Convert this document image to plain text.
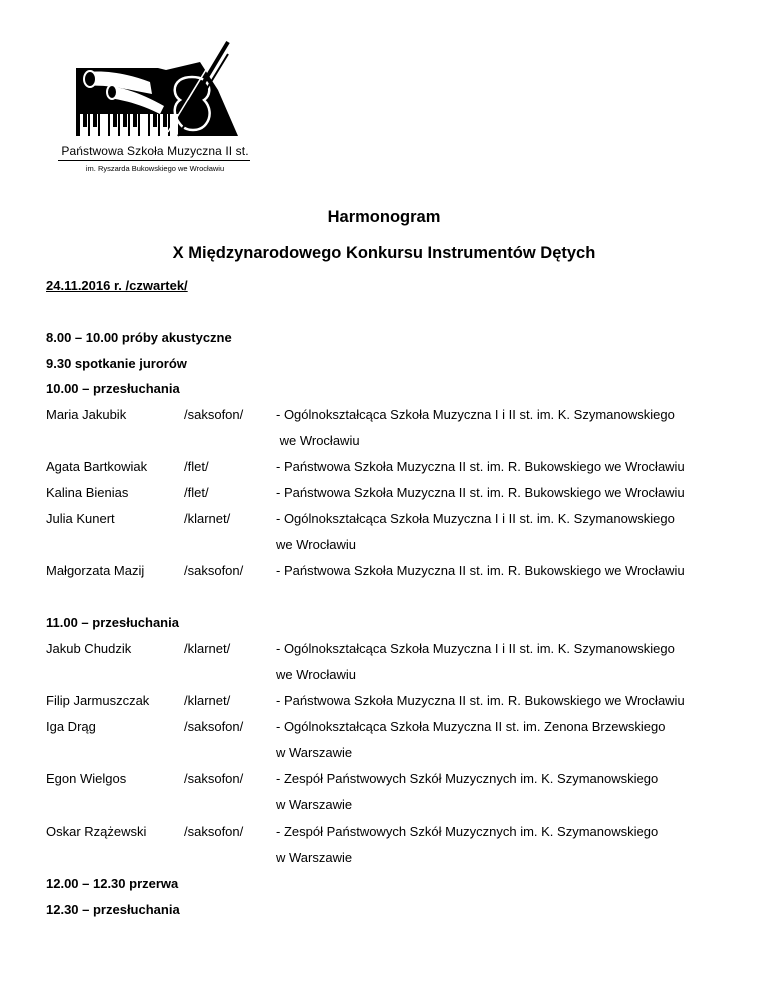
Państwowa Szkoła Muzyczna II st.
im. Ryszarda Bukowskiego we Wrocławiu
Harmonogram
X Międzynarodowego Konkursu Instrumentów Dętych
24.11.2016 r. /czwartek/
8.00 – 10.00 próby akustyczne
9.30 spotkanie jurorów
10.00 – przesłuchania
Maria Jakubik	/saksofon/	- Ogólnokształcąca Szkoła Muzyczna I i II st. im. K. Szymanowskiego
we Wrocławiu
Agata Bartkowiak	/flet/	- Państwowa Szkoła Muzyczna II st. im. R. Bukowskiego we Wrocławiu
Kalina Bienias	/flet/	- Państwowa Szkoła Muzyczna II st. im. R. Bukowskiego we Wrocławiu
Julia Kunert	/klarnet/	- Ogólnokształcąca Szkoła Muzyczna I i II st. im. K. Szymanowskiego
we Wrocławiu
Małgorzata Mazij	/saksofon/	- Państwowa Szkoła Muzyczna II st. im. R. Bukowskiego we Wrocławiu
11.00 – przesłuchania
Jakub Chudzik	/klarnet/	- Ogólnokształcąca Szkoła Muzyczna I i II st. im. K. Szymanowskiego
we Wrocławiu
Filip Jarmuszczak	/klarnet/	- Państwowa Szkoła Muzyczna II st. im. R. Bukowskiego we Wrocławiu
Iga Drąg	/saksofon/	- Ogólnokształcąca Szkoła Muzyczna II st. im. Zenona Brzewskiego
w Warszawie
Egon Wielgos	/saksofon/	- Zespół Państwowych Szkół Muzycznych im. K. Szymanowskiego
w Warszawie
Oskar Rzążewski	/saksofon/	- Zespół Państwowych Szkół Muzycznych im. K. Szymanowskiego
w Warszawie
12.00 – 12.30 przerwa
12.30 – przesłuchania
